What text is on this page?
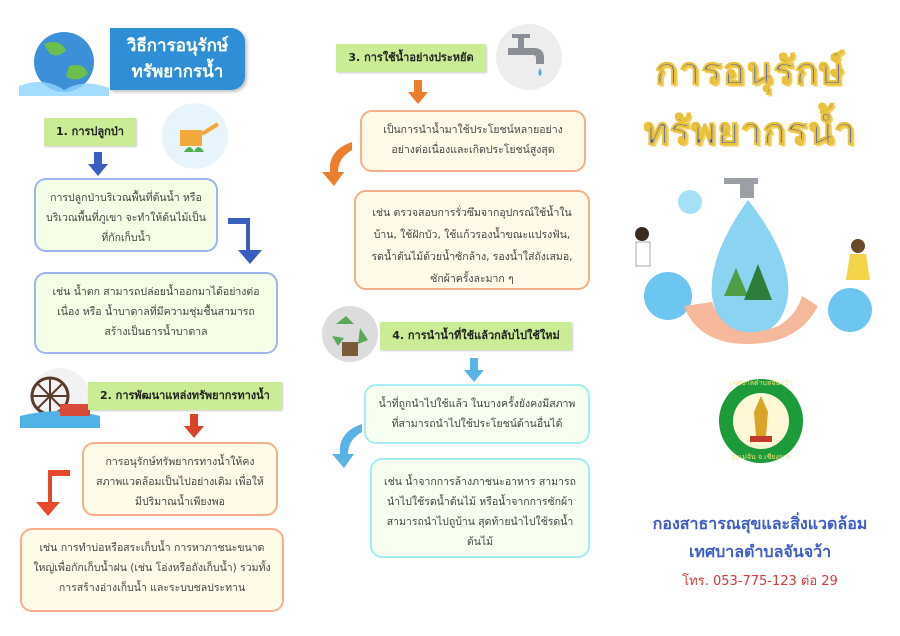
วิธีการอนุรักษ์
ทรัพยากรน้ำ
1. การปลูกป่า
การปลูกป่าบริเวณพื้นที่ต้นน้ำ หรือบริเวณพื้นที่ภูเขา จะทำให้ต้นไม้เป็นที่กักเก็บน้ำ
เช่น น้ำตก สามารถปล่อยน้ำออกมาได้อย่างต่อเนื่อง หรือ น้ำบาดาลที่มีความชุ่มชื้นสามารถสร้างเป็นธารน้ำบาดาล
2. การพัฒนาแหล่งทรัพยากรทางน้ำ
การอนุรักษ์ทรัพยากรทางน้ำให้คงสภาพแวดล้อมเป็นไปอย่างเดิม เพื่อให้มีปริมาณน้ำเพียงพอ
เช่น การทำบ่อหรือสระเก็บน้ำ การหาภาชนะขนาดใหญ่เพื่อกักเก็บน้ำฝน (เช่น โอ่งหรือถังเก็บน้ำ) รวมทั้งการสร้างอ่างเก็บน้ำ และระบบชลประทาน
3. การใช้น้ำอย่างประหยัด
เป็นการนำน้ำมาใช้ประโยชน์หลายอย่างอย่างต่อเนื่องและเกิดประโยชน์สูงสุด
เช่น ตรวจสอบการรั่วซึมจากอุปกรณ์ใช้น้ำในบ้าน, ใช้ฝักบัว, ใช้แก้วรองน้ำขณะแปรงฟัน, รดน้ำต้นไม้ด้วยน้ำซักล้าง, รองน้ำใส่ถังเสมอ, ซักผ้าครั้งละมาก ๆ
4. การนำน้ำที่ใช้แล้วกลับไปใช้ใหม่
น้ำที่ถูกนำไปใช้แล้ว ในบางครั้งยังคงมีสภาพที่สามารถนำไปใช้ประโยชน์ด้านอื่นได้
เช่น น้ำจากการล้างภาชนะอาหาร สามารถนำไปใช้รดน้ำต้นไม้ หรือน้ำจากการซักผ้าสามารถนำไปถูบ้าน สุดท้ายนำไปใช้รดน้ำต้นไม้
การอนุรักษ์
ทรัพยากรน้ำ
เทศบาลตำบลจันจว้า
อ.แม่จัน จ.เชียงราย
กองสาธารณสุขและสิ่งแวดล้อม
เทศบาลตำบลจันจว้า
โทร. 053-775-123 ต่อ 29
